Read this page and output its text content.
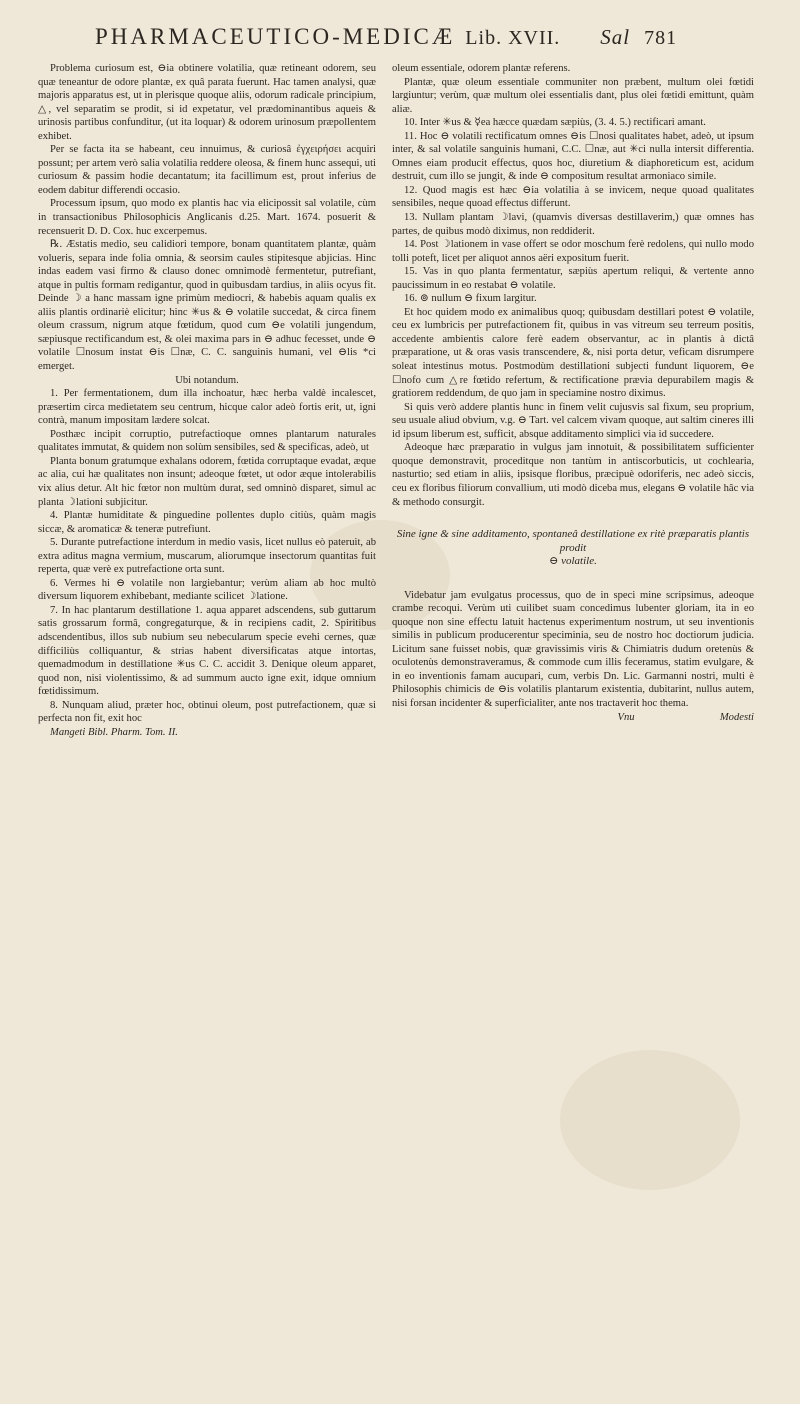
PHARMACEUTICO-MEDICÆ Lib. XVII. Sal 781

Problema curiosum est, ⊖ia obtinere volatilia, quæ retineant odorem, seu quæ teneantur de odore plantæ, ex quâ parata fuerunt. Hac tamen analysi, quæ majoris apparatus est, ut in plerisque quoque aliis, odorum radicale principium, △, vel separatim se prodit, si id expetatur, vel prædominantibus aqueis & urinosis partibus confunditur, (ut ita loquar) & odorem urinosum præpollentem exhibet.

Per se facta ita se habeant, ceu innuimus, & curiosâ ἐγχειρήσει acquiri possunt; per artem verò salia volatilia reddere oleosa, & finem hunc assequi, uti curiosum & passim hodie decantatum; ita facillimum est, prout inferius de eodem dabitur differendi occasio.

Processum ipsum, quo modo ex plantis hac via elicipossit sal volatile, cùm in transactionibus Philosophicis Anglicanis d.25. Mart. 1674. posuerit & recensuerit D. D. Cox. huc excerpemus.

℞. Æstatis medio, seu calidiori tempore, bonam quantitatem plantæ, quàm volueris, separa inde folia omnia, & seorsim caules stipitesque abjicias. Hinc indas eadem vasi firmo & clauso donec omnimodè fermentetur, putrefiant, atque in pultis formam redigantur, quod in quibusdam tardius, in aliis ocyus fit. Deinde ☽ a hanc massam igne primùm mediocri, & habebis aquam qualis ex aliis plantis ordinariè elicitur; hinc ✳us & ⊖ volatile succedat, & circa finem oleum crassum, nigrum atque fœtidum, quod cum ⊖e volatili jungendum, sæpiusque rectificandum est, & olei maxima pars in ⊖ adhuc fecesset, unde ⊖ volatile ☐nosum instat ⊖is ☐næ, C. C. sanguinis humani, vel ⊖lis *ci emerget.

Ubi notandum.

1. Per fermentationem, dum illa inchoatur, hæc herba valdè incalescet, præsertim circa medietatem seu centrum, hicque calor adeò fortis erit, ut, igni contrà, manum impositam lædere solcat.

Posthæc incipit corruptio, putrefactioque omnes plantarum naturales qualitates immutat, & quidem non solùm sensibiles, sed & specificas, adeò, ut

Planta bonum gratumque exhalans odorem, fœtida corruptaque evadat, æque ac alia, cui hæ qualitates non insunt; adeoque fœtet, ut odor æque intolerabilis vix alius detur. Alt hic fœtor non multùm durat, sed omninò disparet, simul ac planta ☽lationi subjicitur.

4. Plantæ humiditate & pinguedine pollentes duplo citiùs, quàm magis siccæ, & aromaticæ & teneræ putrefiunt.

5. Durante putrefactione interdum in medio vasis, licet nullus eò pateruit, ab extra aditus magna vermium, muscarum, aliorumque insectorum quantitas fuit reperta, quæ verè ex putrefactione orta sunt.

6. Vermes hi ⊖ volatile non largiebantur; verùm aliam ab hoc multò diversum liquorem exhibebant, mediante scilicet ☽latione.

7. In hac plantarum destillatione 1. aqua apparet adscendens, sub guttarum satis grossarum formâ, congregaturque, & in recipiens cadit, 2. Spiritibus adscendentibus, illos sub nubium seu nebecularum specie evehi cernes, quæ difficiliùs colliquantur, & strias habent diversificatas atque intortas, quemadmodum in destillatione ✳us C. C. accidit 3. Denique oleum apparet, quod non, nisi violentissimo, & ad summum aucto igne exit, idque omnium fœtidissimum.

8. Nunquam aliud, præter hoc, obtinui oleum, post putrefactionem, quæ si perfecta non fit, exit hoc

Mangeti Bibl. Pharm. Tom. II.

oleum essentiale, odorem plantæ referens.

Plantæ, quæ oleum essentiale communiter non præbent, multum olei fœtidi largiuntur; verùm, quæ multum olei essentialis dant, plus olei fœtidi emittunt, quàm aliæ.

10. Inter ✳us & ☿ea hæcce quædam sæpiùs, (3. 4. 5.) rectificari amant.

11. Hoc ⊖ volatili rectificatum omnes ⊖is ☐nosi qualitates habet, adeò, ut ipsum inter, & sal volatile sanguinis humani, C.C. ☐næ, aut ✳ci nulla intersit differentia. Omnes eiam producit effectus, quos hoc, diuretium & diaphoreticum est, acidum destruit, cum illo se jungit, & inde ⊖ compositum resultat armoniaco simile.

12. Quod magis est hæc ⊖ia volatilia à se invicem, neque quoad qualitates sensibiles, neque quoad effectus differunt.

13. Nullam plantam ☽lavi, (quamvis diversas destillaverim,) quæ omnes has partes, de quibus modò diximus, non reddiderit.

14. Post ☽lationem in vase offert se odor moschum ferè redolens, qui nullo modo tolli poteft, licet per aliquot annos aëri expositum fuerit.

15. Vas in quo planta fermentatur, sæpiùs apertum reliqui, & vertente anno paucissimum in eo restabat ⊖ volatile.

16. ⊚ nullum ⊖ fixum largitur.

Et hoc quidem modo ex animalibus quoq; quibusdam destillari potest ⊖ volatile, ceu ex lumbricis per putrefactionem fit, quibus in vas vitreum seu terreum positis, accedente ambientis calore ferè eadem observantur, ac in plantis à dictâ præparatione, ut & oras vasis transcendere, &, nisi porta detur, veficam disrumpere soleat intestinus motus. Postmodùm destillationi subjecti fundunt liquorem, ⊖e ☐nofo cum △re fœtido refertum, & rectificatione prævia depurabilem magis & gratiorem reddendum, de quo jam in speciamine nostro diximus.

Si quis verò addere plantis hunc in finem velit cujusvis sal fixum, seu proprium, seu usuale aliud obvium, v.g. ⊖ Tart. vel calcem vivam quoque, aut saltim cineres illi id ipsum liberum est, sufficit, absque additamento simplici via id succedere.

Adeoque hæc præparatio in vulgus jam innotuit, & possibilitatem sufficienter quoque demonstravit, proceditque non tantùm in antiscorbuticis, ut cochlearia, nasturtio; sed etiam in aliis, ipsisque floribus, præcipuè odoriferis, nec adeò siccis, ceu ex floribus filiorum convallium, uti modò diceba mus, elegans ⊖ volatile hâc via & methodo consurgit.

Sine igne & sine additamento, spontaneâ destillatione ex ritè præparatis plantis prodit

⊖ volatile.

Videbatur jam evulgatus processus, quo de in speci mine scripsimus, adeoque crambe recoqui. Verùm uti cuilibet suam concedimus lubenter gloriam, ita in eo quoque non sine effectu latuit hactenus experimentum nostrum, ut seu inventionis similis in publicum producerentur speciminia, seu de nostro hoc doctiorum judicia. Licitum sane fuisset nobis, quæ gravissimis viris & Chimiatris dudum oretenùs & oculotenùs demonstraveramus, & commode cum illis feceramus, statim evulgare, & in eo inventionis famam aucupari, cum, verbis Dn. Lic. Garmanni nostri, multi è Philosophis chimicis de ⊖is volatilis plantarum existentia, dubitarint, nullus autem, nisi forsan incidenter & superficialiter, ante nos tractaverit hoc thema.

Vnu	Modesti
